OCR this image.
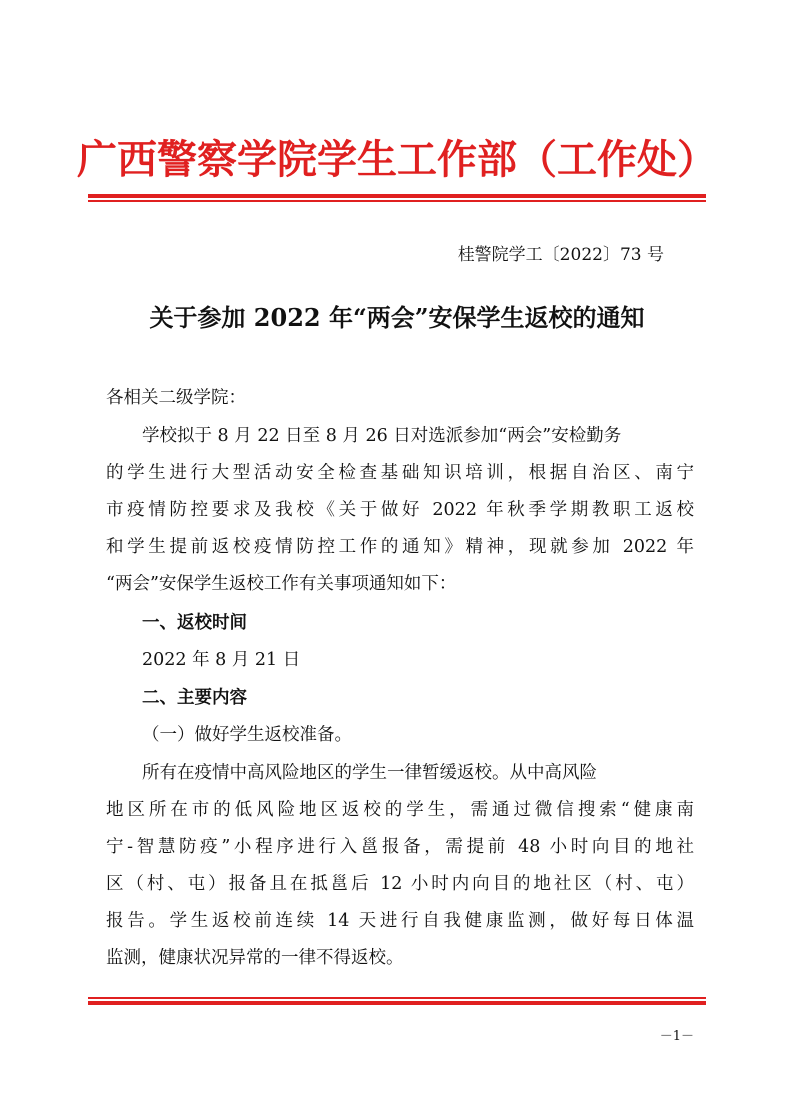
广西警察学院学生工作部（工作处）
桂警院学工〔2022〕73 号
关于参加 2022 年“两会”安保学生返校的通知
各相关二级学院：
学校拟于 8 月 22 日至 8 月 26 日对选派参加“两会”安检勤务
的学生进行大型活动安全检查基础知识培训，根据自治区、南宁
市疫情防控要求及我校《关于做好 2022 年秋季学期教职工返校
和学生提前返校疫情防控工作的通知》精神，现就参加 2022 年
“两会”安保学生返校工作有关事项通知如下：
一、返校时间
2022 年 8 月 21 日
二、主要内容
（一）做好学生返校准备。
所有在疫情中高风险地区的学生一律暂缓返校。从中高风险
地区所在市的低风险地区返校的学生，需通过微信搜索“健康南
宁-智慧防疫”小程序进行入邕报备，需提前 48 小时向目的地社
区（村、屯）报备且在抵邕后 12 小时内向目的地社区（村、屯）
报告。学生返校前连续 14 天进行自我健康监测，做好每日体温
监测，健康状况异常的一律不得返校。
－1－
